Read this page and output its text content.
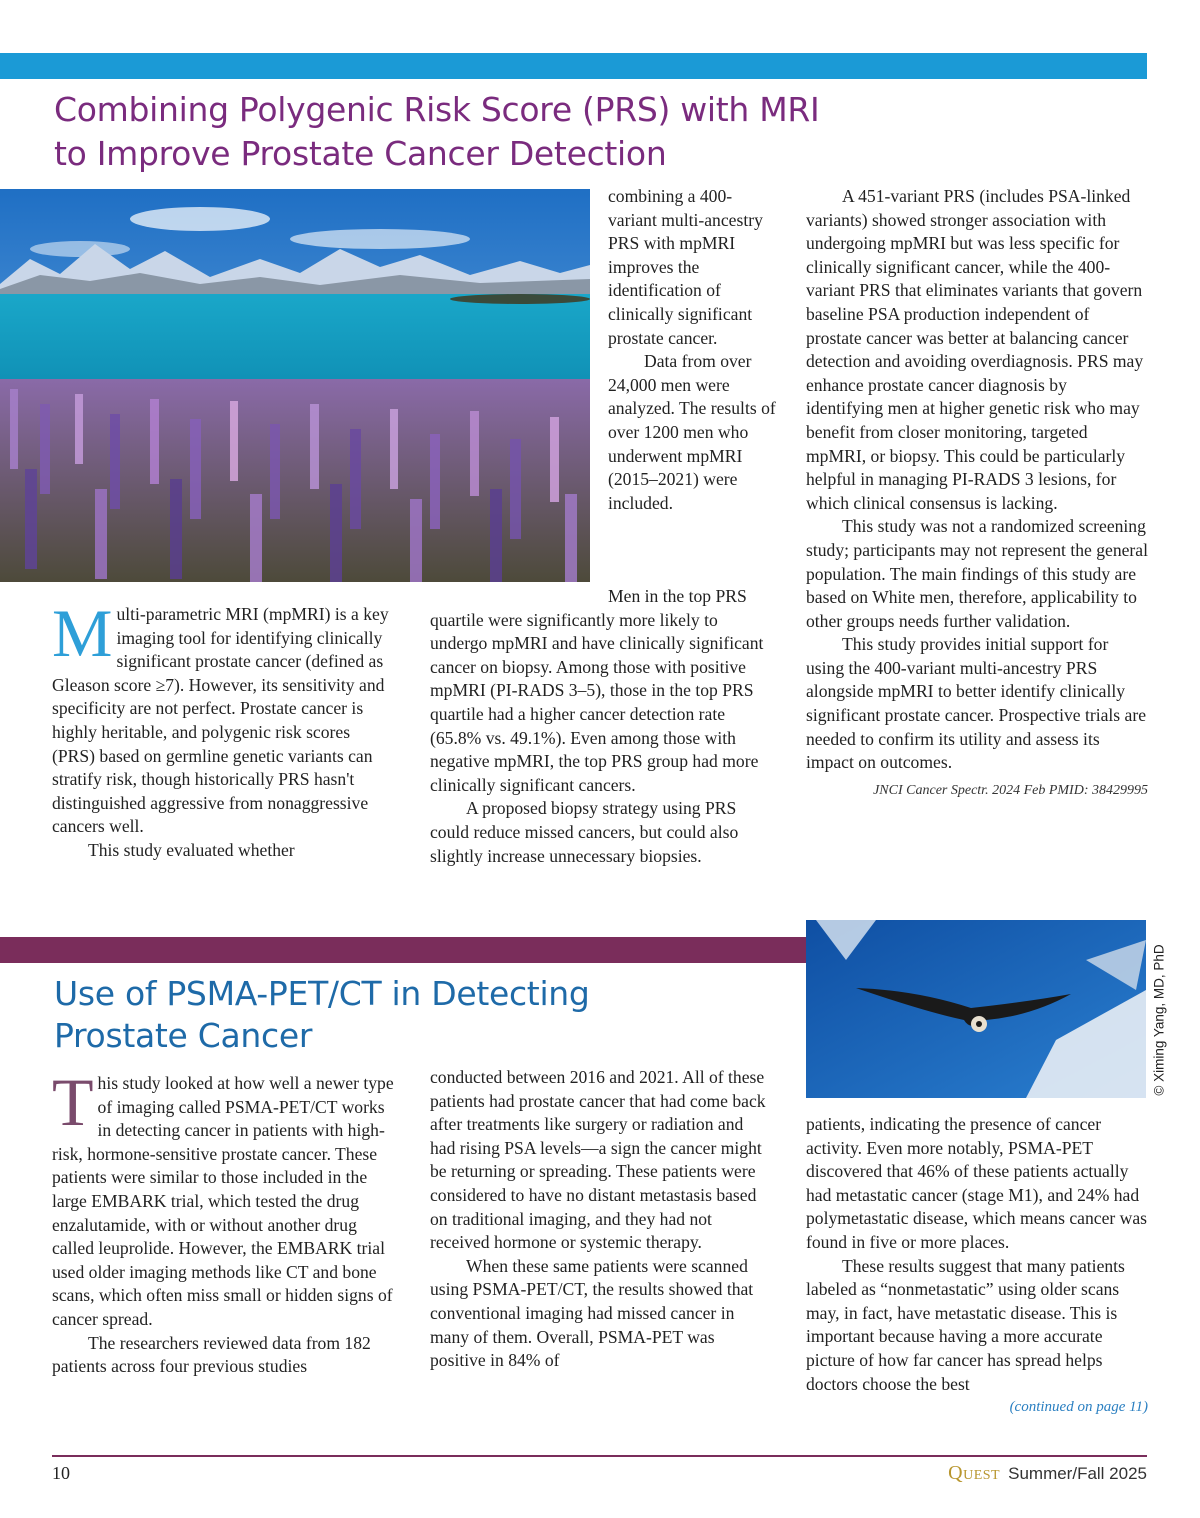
Combining Polygenic Risk Score (PRS) with MRI
to Improve Prostate Cancer Detection

Multi-parametric MRI (mpMRI) is a key imaging tool for identifying clinically significant prostate cancer (defined as Gleason score ≥7). However, its sensitivity and specificity are not perfect. Prostate cancer is highly heritable, and polygenic risk scores (PRS) based on germline genetic variants can stratify risk, though historically PRS hasn't distinguished aggressive from nonaggressive cancers well.

This study evaluated whether

combining a 400-variant multi-ancestry PRS with mpMRI improves the identification of clinically significant prostate cancer.

Data from over 24,000 men were analyzed. The results of over 1200 men who underwent mpMRI (2015–2021) were included.

Men in the top PRS quartile were significantly more likely to undergo mpMRI and have clinically significant cancer on biopsy. Among those with positive mpMRI (PI-RADS 3–5), those in the top PRS quartile had a higher cancer detection rate (65.8% vs. 49.1%). Even among those with negative mpMRI, the top PRS group had more clinically significant cancers.

A proposed biopsy strategy using PRS could reduce missed cancers, but could also slightly increase unnecessary biopsies.

A 451-variant PRS (includes PSA-linked variants) showed stronger association with undergoing mpMRI but was less specific for clinically significant cancer, while the 400-variant PRS that eliminates variants that govern baseline PSA production independent of prostate cancer was better at balancing cancer detection and avoiding overdiagnosis. PRS may enhance prostate cancer diagnosis by identifying men at higher genetic risk who may benefit from closer monitoring, targeted mpMRI, or biopsy. This could be particularly helpful in managing PI-RADS 3 lesions, for which clinical consensus is lacking.

This study was not a randomized screening study; participants may not represent the general population. The main findings of this study are based on White men, therefore, applicability to other groups needs further validation.

This study provides initial support for using the 400-variant multi-ancestry PRS alongside mpMRI to better identify clinically significant prostate cancer. Prospective trials are needed to confirm its utility and assess its impact on outcomes.

JNCI Cancer Spectr. 2024 Feb PMID: 38429995
© Ximing Yang, MD, PhD
Use of PSMA-PET/CT in Detecting
Prostate Cancer

This study looked at how well a newer type of imaging called PSMA-PET/CT works in detecting cancer in patients with high-risk, hormone-sensitive prostate cancer. These patients were similar to those included in the large EMBARK trial, which tested the drug enzalutamide, with or without another drug called leuprolide. However, the EMBARK trial used older imaging methods like CT and bone scans, which often miss small or hidden signs of cancer spread.

The researchers reviewed data from 182 patients across four previous studies

conducted between 2016 and 2021. All of these patients had prostate cancer that had come back after treatments like surgery or radiation and had rising PSA levels—a sign the cancer might be returning or spreading. These patients were considered to have no distant metastasis based on traditional imaging, and they had not received hormone or systemic therapy.

When these same patients were scanned using PSMA-PET/CT, the results showed that conventional imaging had missed cancer in many of them. Overall, PSMA-PET was positive in 84% of

patients, indicating the presence of cancer activity. Even more notably, PSMA-PET discovered that 46% of these patients actually had metastatic cancer (stage M1), and 24% had polymetastatic disease, which means cancer was found in five or more places.

These results suggest that many patients labeled as “nonmetastatic” using older scans may, in fact, have metastatic disease. This is important because having a more accurate picture of how far cancer has spread helps doctors choose the best

(continued on page 11)
10	Quest Summer/Fall 2025
